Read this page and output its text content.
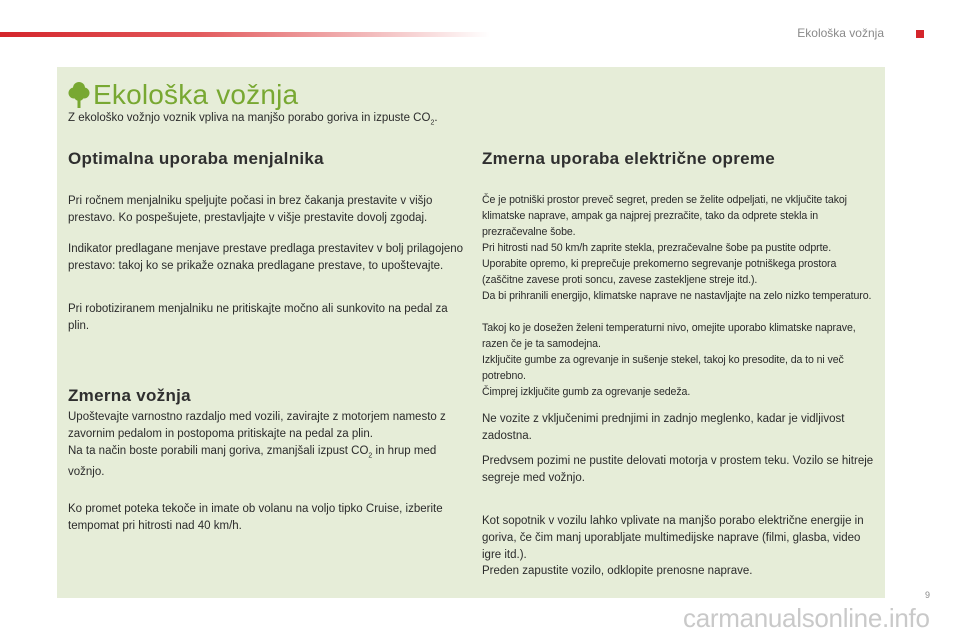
Ekološka vožnja
Ekološka vožnja
Z ekološko vožnjo voznik vpliva na manjšo porabo goriva in izpuste $CO_2$.
Optimalna uporaba menjalnika

Pri ročnem menjalniku speljujte počasi in brez čakanja prestavite v višjo prestavo. Ko pospešujete, prestavljajte v višje prestavite dovolj zgodaj.

Indikator predlagane menjave prestave predlaga prestavitev v bolj prilagojeno prestavo: takoj ko se prikaže oznaka predlagane prestave, to upoštevajte.

Pri robotiziranem menjalniku ne pritiskajte močno ali sunkovito na pedal za plin.

Zmerna vožnja

Upoštevajte varnostno razdaljo med vozili, zavirajte z motorjem namesto z zavornim pedalom in postopoma pritiskajte na pedal za plin.

Na ta način boste porabili manj goriva, zmanjšali izpust $CO_2$ in hrup med vožnjo.

Ko promet poteka tekoče in imate ob volanu na voljo tipko Cruise, izberite tempomat pri hitrosti nad 40 km/h.

Zmerna uporaba električne opreme

Če je potniški prostor preveč segret, preden se želite odpeljati, ne vključite takoj klimatske naprave, ampak ga najprej prezračite, tako da odprete stekla in prezračevalne šobe.

Pri hitrosti nad 50 km/h zaprite stekla, prezračevalne šobe pa pustite odprte.

Uporabite opremo, ki preprečuje prekomerno segrevanje potniškega prostora (zaščitne zavese proti soncu, zavese zastekljene streje itd.).

Da bi prihranili energijo, klimatske naprave ne nastavljajte na zelo nizko temperaturo.

Takoj ko je dosežen želeni temperaturni nivo, omejite uporabo klimatske naprave, razen če je ta samodejna.

Izključite gumbe za ogrevanje in sušenje stekel, takoj ko presodite, da to ni več potrebno.

Čimprej izključite gumb za ogrevanje sedeža.

Ne vozite z vključenimi prednjimi in zadnjo meglenko, kadar je vidljivost zadostna.

Predvsem pozimi ne pustite delovati motorja v prostem teku. Vozilo se hitreje segreje med vožnjo.

Kot sopotnik v vozilu lahko vplivate na manjšo porabo električne energije in goriva, če čim manj uporabljate multimedijske naprave (filmi, glasba, video igre itd.).

Preden zapustite vozilo, odklopite prenosne naprave.

carmanualsonline.info
9
